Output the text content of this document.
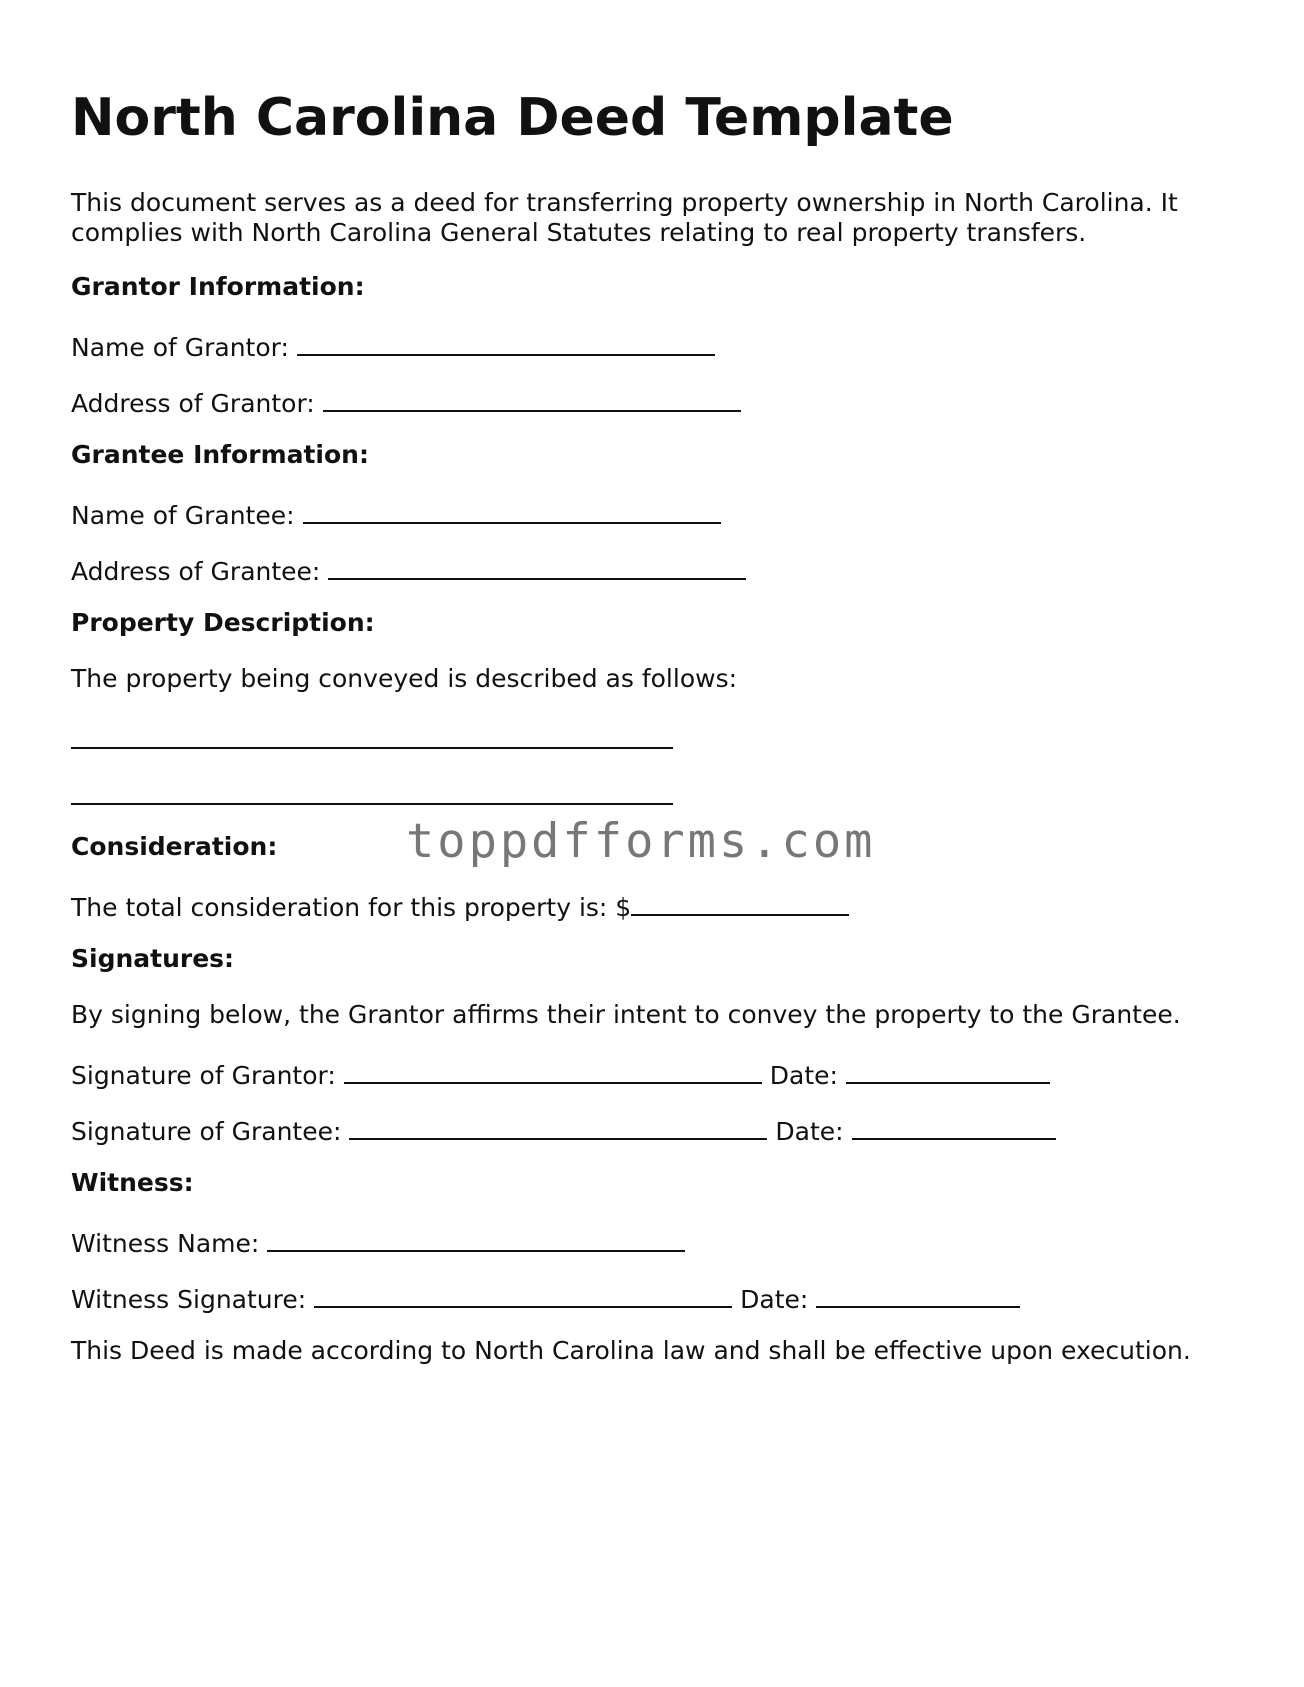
North Carolina Deed Template

This document serves as a deed for transferring property ownership in North Carolina. It complies with North Carolina General Statutes relating to real property transfers.

Grantor Information:

Name of Grantor:

Address of Grantor:

Grantee Information:

Name of Grantee:

Address of Grantee:

Property Description:

The property being conveyed is described as follows:

Consideration:

The total consideration for this property is: $

Signatures:

By signing below, the Grantor affirms their intent to convey the property to the Grantee.

Signature of Grantor:	Date:

Signature of Grantee:	Date:

Witness:

Witness Name:

Witness Signature:	Date:

This Deed is made according to North Carolina law and shall be effective upon execution.

toppdfforms.com
